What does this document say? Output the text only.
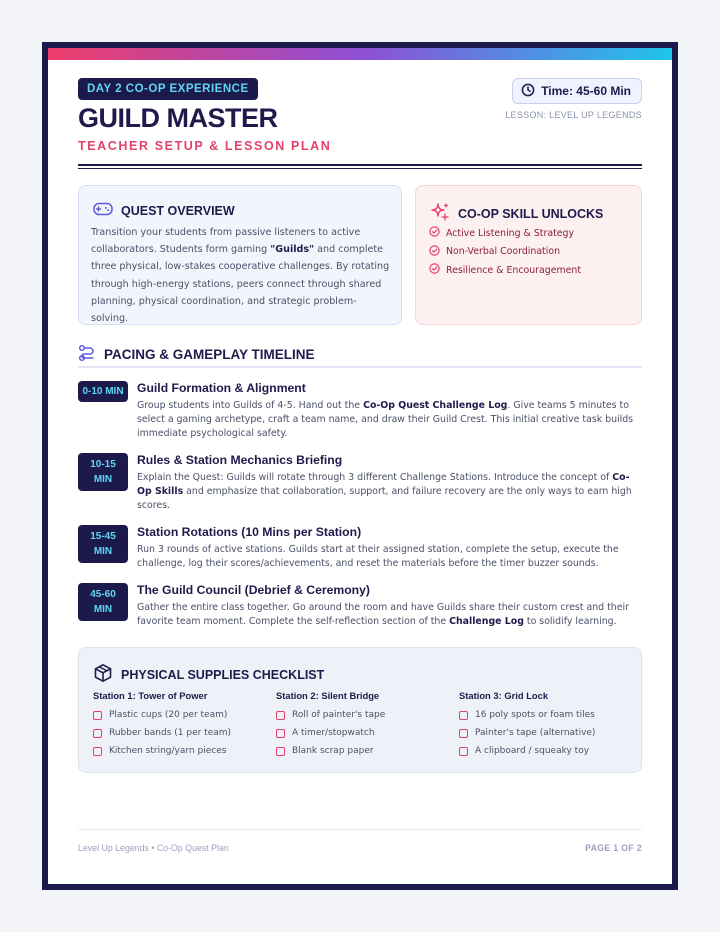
DAY 2 CO-OP EXPERIENCE
GUILD MASTER
TEACHER SETUP & LESSON PLAN
Time: 45-60 Min
LESSON: LEVEL UP LEGENDS
QUEST OVERVIEW

Transition your students from passive listeners to active collaborators. Students form gaming "Guilds" and complete three physical, low-stakes cooperative challenges. By rotating through high-energy stations, peers connect through shared planning, physical coordination, and strategic problem-solving.

CO-OP SKILL UNLOCKS
Active Listening & Strategy
Non-Verbal Coordination
Resilience & Encouragement
PACING & GAMEPLAY TIMELINE
0-10 MIN	Guild Formation & Alignment

Group students into Guilds of 4-5. Hand out the Co-Op Quest Challenge Log. Give teams 5 minutes to select a gaming archetype, craft a team name, and draw their Guild Crest. This initial creative task builds immediate psychological safety.

10-15
MIN
Rules & Station Mechanics Briefing

Explain the Quest: Guilds will rotate through 3 different Challenge Stations. Introduce the concept of Co-Op Skills and emphasize that collaboration, support, and failure recovery are the only ways to earn high scores.

15-45
MIN
Station Rotations (10 Mins per Station)

Run 3 rounds of active stations. Guilds start at their assigned station, complete the setup, execute the challenge, log their scores/achievements, and reset the materials before the timer buzzer sounds.

45-60
MIN
The Guild Council (Debrief & Ceremony)

Gather the entire class together. Go around the room and have Guilds share their custom crest and their favorite team moment. Complete the self-reflection section of the Challenge Log to solidify learning.

PHYSICAL SUPPLIES CHECKLIST
Station 1: Tower of Power
Plastic cups (20 per team)
Rubber bands (1 per team)
Kitchen string/yarn pieces
Station 2: Silent Bridge
Roll of painter's tape
A timer/stopwatch
Blank scrap paper
Station 3: Grid Lock
16 poly spots or foam tiles
Painter's tape (alternative)
A clipboard / squeaky toy
Level Up Legends • Co-Op Quest Plan	PAGE 1 OF 2
